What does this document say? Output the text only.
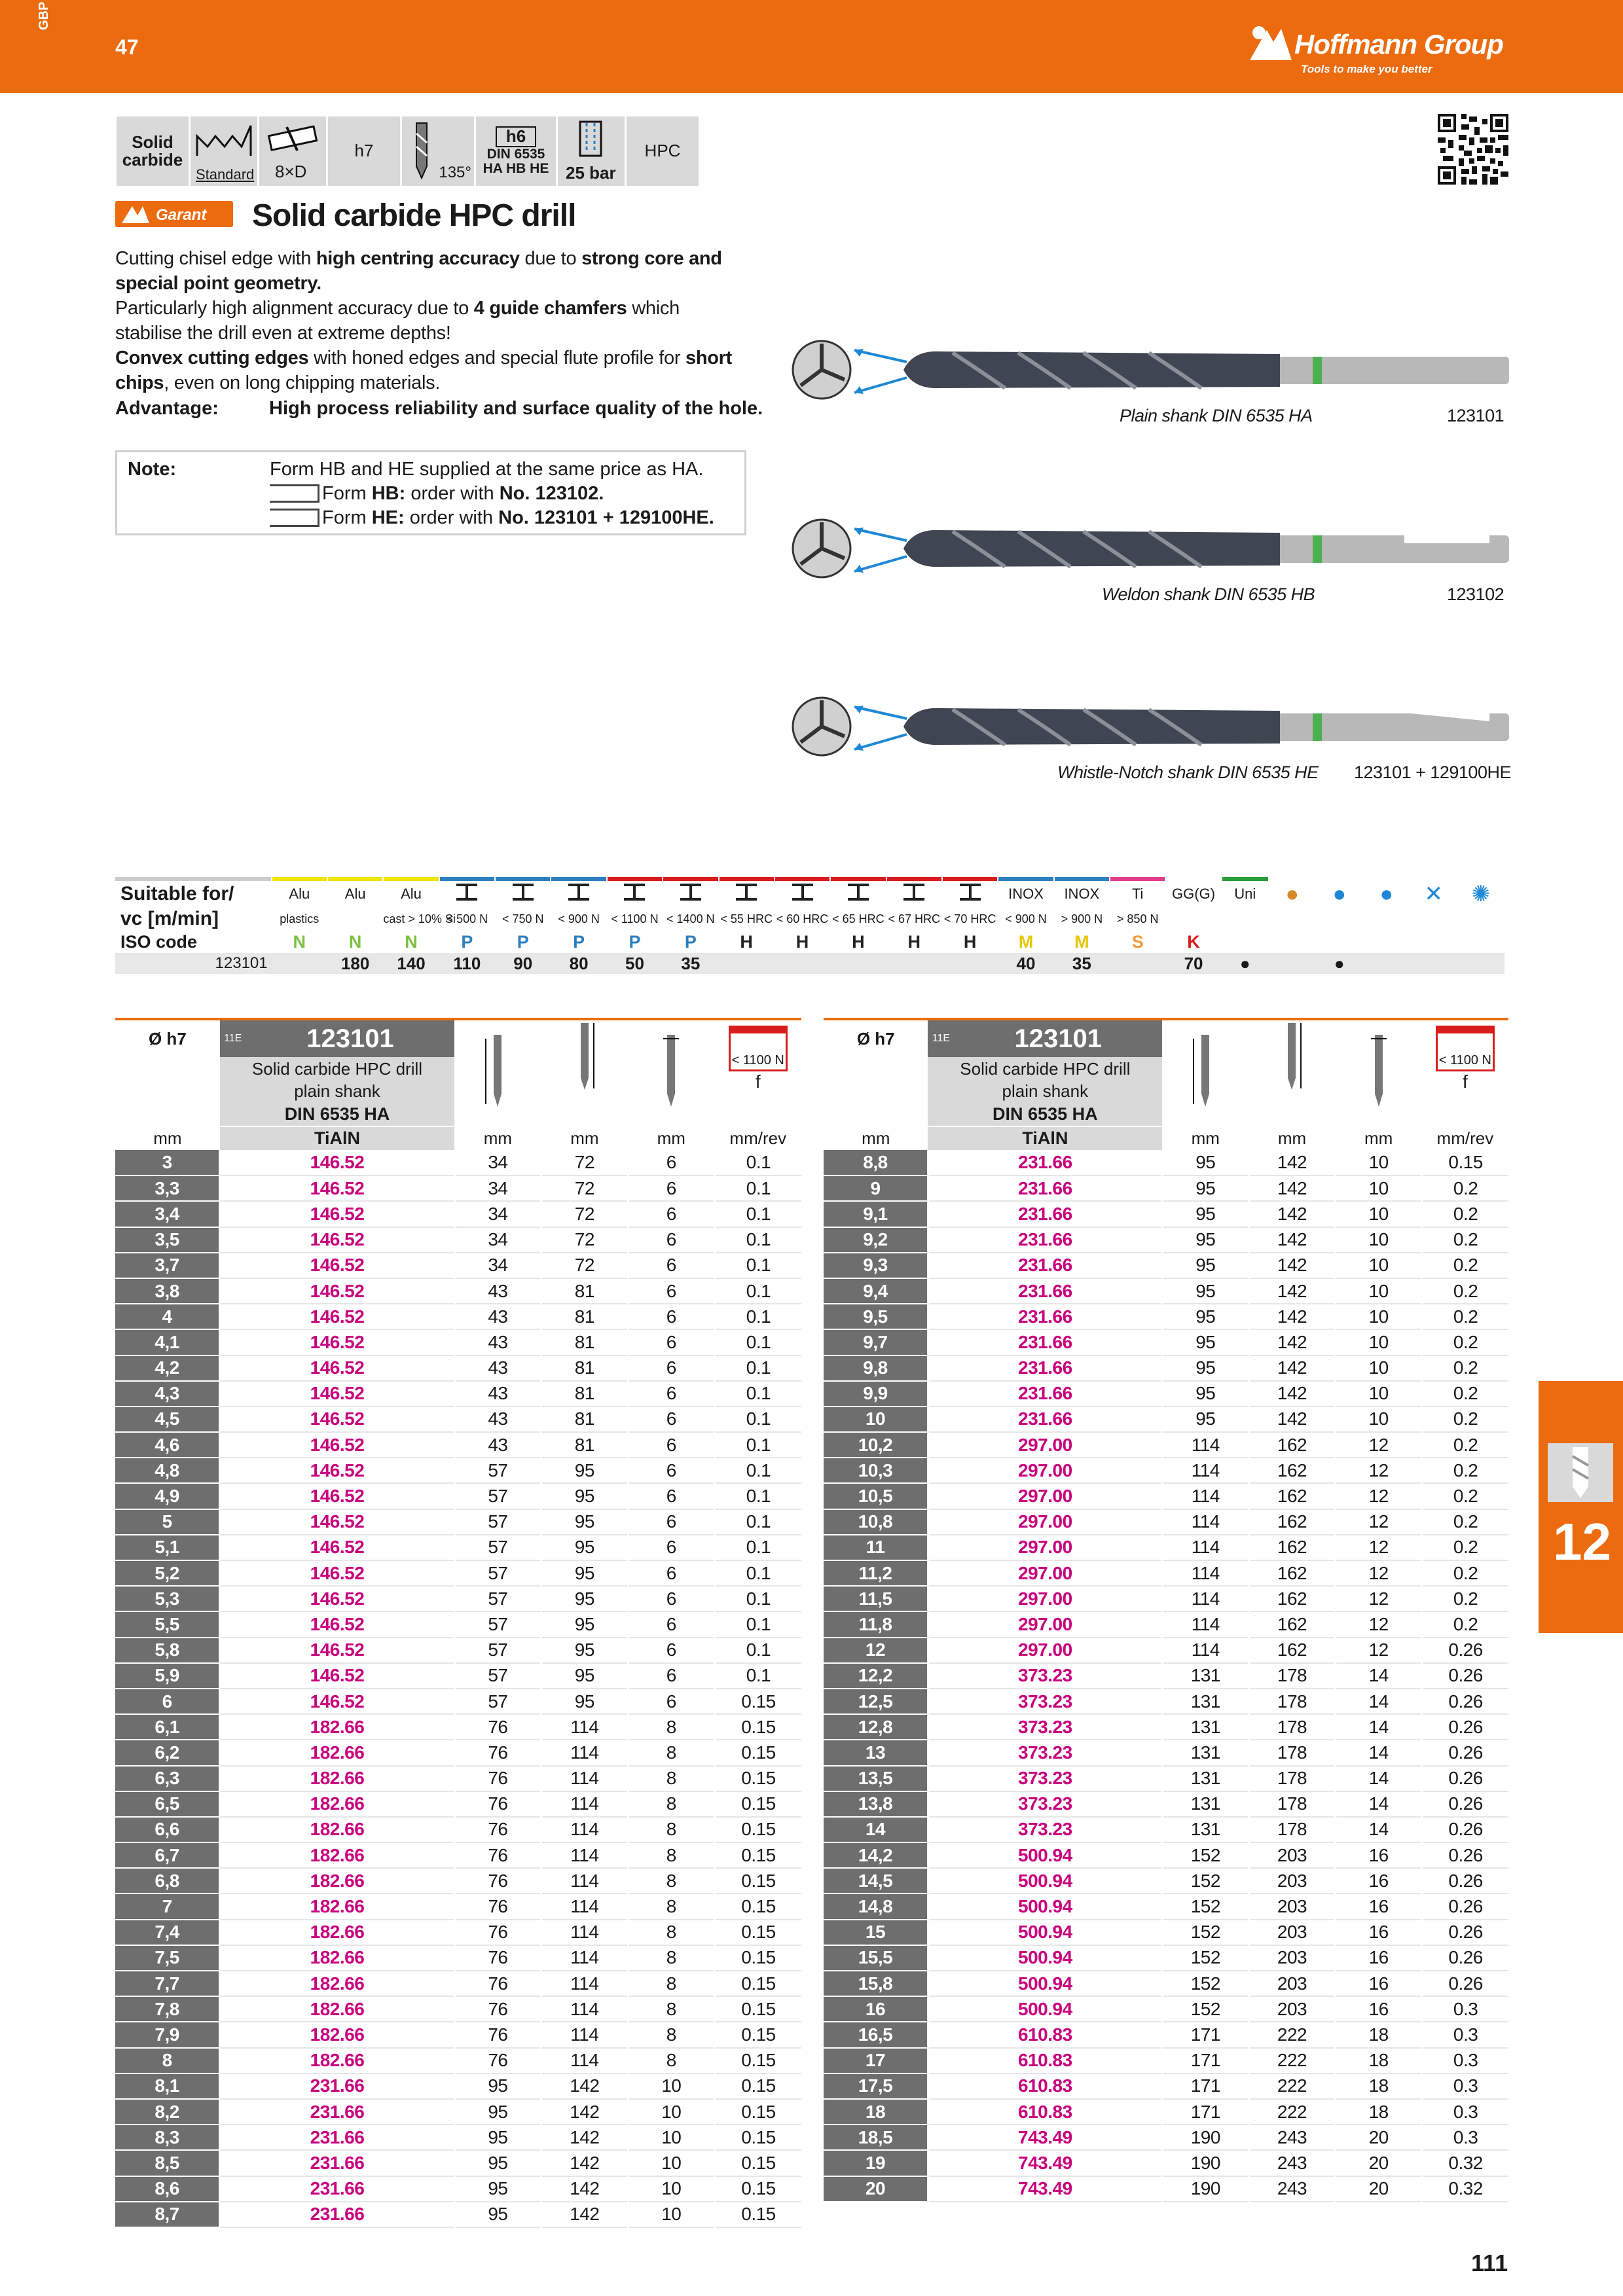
GBP
47	Hoffmann Group
Tools to make you better
Solid
carbide
Standard 8×D
h7
135°
h6
DIN 6535
HA HB HE 25 bar
HPC
Garant Solid carbide HPC drill
Cutting chisel edge with high centring accuracy due to strong core and
special point geometry.
Particularly high alignment accuracy due to 4 guide chamfers which
stabilise the drill even at extreme depths!
Convex cutting edges with honed edges and special flute profile for short
chips, even on long chipping materials.
Advantage:	High process reliability and surface quality of the hole.
Note:	Form HB and HE supplied at the same price as HA.
Form HB: order with No. 123102.
Form HE: order with No. 123101 + 129100HE.
Plain shank DIN 6535 HA	123101
Weldon shank DIN 6535 HB	123102
Whistle-Notch shank DIN 6535 HE 123101 + 129100HE

Suitable for/	Alu	Alu	Alu											INOX	INOX	Ti	GG(G)	Uni	●	●	●	✕	✺
vc [m/min]	plastics		cast > 10% Si	< 500 N	< 750 N	< 900 N	< 1100 N	< 1400 N	< 55 HRC	< 60 HRC	< 65 HRC	< 67 HRC	< 70 HRC	< 900 N	> 900 N	> 850 N							
ISO code	N	N	N	P	P	P	P	P	H	H	H	H	H	M	M	S	K						
123101		180	140	110	90	80	50	35						40	35		70	●		●			
Ø h7	11E	123101				< 1100 N
f

	Solid carbide HPC drill
plain shank					
	DIN 6535 HA					
mm	TiAlN		mm	mm	mm	mm/rev
3	146.52		34	72	6	0.1
3,3	146.52		34	72	6	0.1
3,4	146.52		34	72	6	0.1
3,5	146.52		34	72	6	0.1
3,7	146.52		34	72	6	0.1
3,8	146.52		43	81	6	0.1
4	146.52		43	81	6	0.1
4,1	146.52		43	81	6	0.1
4,2	146.52		43	81	6	0.1
4,3	146.52		43	81	6	0.1
4,5	146.52		43	81	6	0.1
4,6	146.52		43	81	6	0.1
4,8	146.52		57	95	6	0.1
4,9	146.52		57	95	6	0.1
5	146.52		57	95	6	0.1
5,1	146.52		57	95	6	0.1
5,2	146.52		57	95	6	0.1
5,3	146.52		57	95	6	0.1
5,5	146.52		57	95	6	0.1
5,8	146.52		57	95	6	0.1
5,9	146.52		57	95	6	0.1
6	146.52		57	95	6	0.15
6,1	182.66		76	114	8	0.15
6,2	182.66		76	114	8	0.15
6,3	182.66		76	114	8	0.15
6,5	182.66		76	114	8	0.15
6,6	182.66		76	114	8	0.15
6,7	182.66		76	114	8	0.15
6,8	182.66		76	114	8	0.15
7	182.66		76	114	8	0.15
7,4	182.66		76	114	8	0.15
7,5	182.66		76	114	8	0.15
7,7	182.66		76	114	8	0.15
7,8	182.66		76	114	8	0.15
7,9	182.66		76	114	8	0.15
8	182.66		76	114	8	0.15
8,1	231.66		95	142	10	0.15
8,2	231.66		95	142	10	0.15
8,3	231.66		95	142	10	0.15
8,5	231.66		95	142	10	0.15
8,6	231.66		95	142	10	0.15
8,7	231.66		95	142	10	0.15
Ø h7	11E	123101				< 1100 N
f

	Solid carbide HPC drill
plain shank					
	DIN 6535 HA					
mm	TiAlN		mm	mm	mm	mm/rev
8,8	231.66		95	142	10	0.15
9	231.66		95	142	10	0.2
9,1	231.66		95	142	10	0.2
9,2	231.66		95	142	10	0.2
9,3	231.66		95	142	10	0.2
9,4	231.66		95	142	10	0.2
9,5	231.66		95	142	10	0.2
9,7	231.66		95	142	10	0.2
9,8	231.66		95	142	10	0.2
9,9	231.66		95	142	10	0.2
10	231.66		95	142	10	0.2
10,2	297.00		114	162	12	0.2
10,3	297.00		114	162	12	0.2
10,5	297.00		114	162	12	0.2
10,8	297.00		114	162	12	0.2
11	297.00		114	162	12	0.2
11,2	297.00		114	162	12	0.2
11,5	297.00		114	162	12	0.2
11,8	297.00		114	162	12	0.2
12	297.00		114	162	12	0.26
12,2	373.23		131	178	14	0.26
12,5	373.23		131	178	14	0.26
12,8	373.23		131	178	14	0.26
13	373.23		131	178	14	0.26
13,5	373.23		131	178	14	0.26
13,8	373.23		131	178	14	0.26
14	373.23		131	178	14	0.26
14,2	500.94		152	203	16	0.26
14,5	500.94		152	203	16	0.26
14,8	500.94		152	203	16	0.26
15	500.94		152	203	16	0.26
15,5	500.94		152	203	16	0.26
15,8	500.94		152	203	16	0.26
16	500.94		152	203	16	0.3
16,5	610.83		171	222	18	0.3
17	610.83		171	222	18	0.3
17,5	610.83		171	222	18	0.3
18	610.83		171	222	18	0.3
18,5	743.49		190	243	20	0.3
19	743.49		190	243	20	0.32
20	743.49		190	243	20	0.32
12
111
